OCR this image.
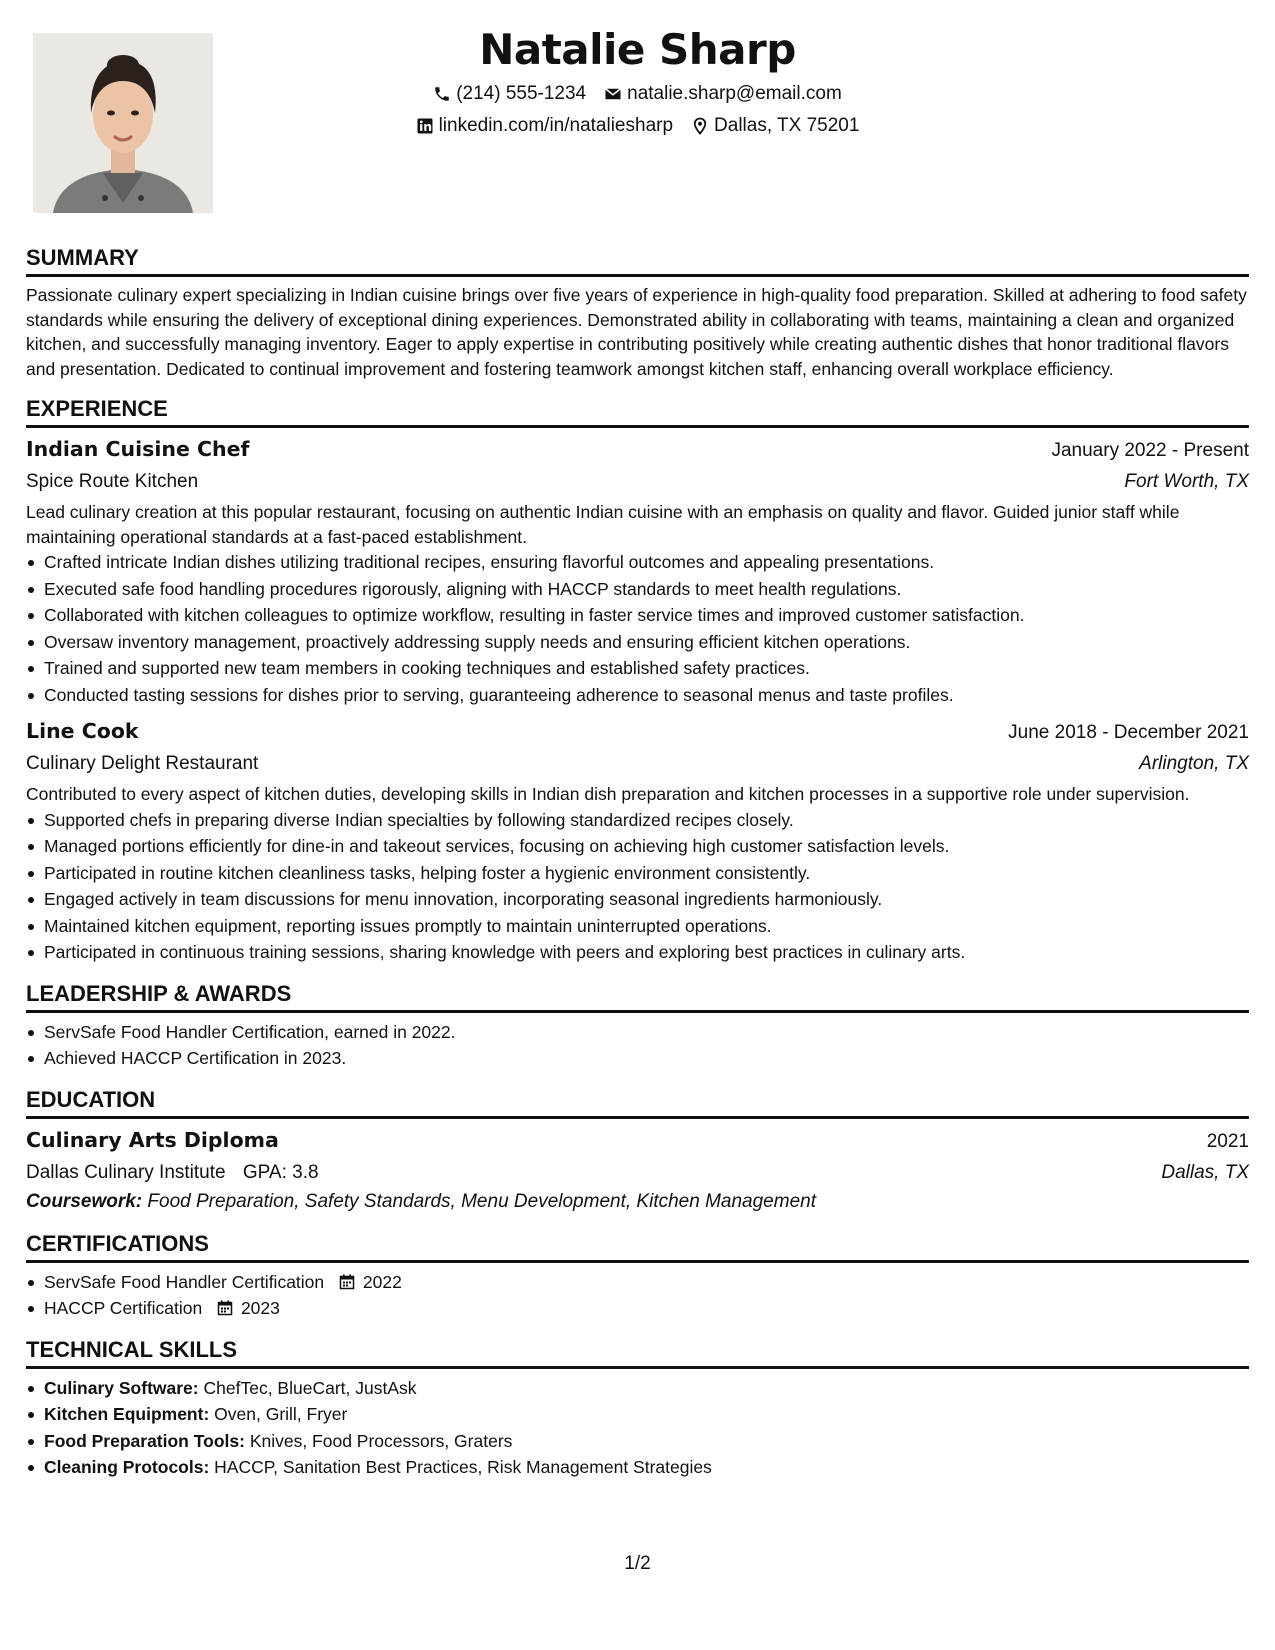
Natalie Sharp
(214) 555-1234 natalie.sharp@email.com
linkedin.com/in/nataliesharp Dallas, TX 75201
SUMMARY

Passionate culinary expert specializing in Indian cuisine brings over five years of experience in high-quality food preparation. Skilled at adhering to food safety standards while ensuring the delivery of exceptional dining experiences. Demonstrated ability in collaborating with teams, maintaining a clean and organized kitchen, and successfully managing inventory. Eager to apply expertise in contributing positively while creating authentic dishes that honor traditional flavors and presentation. Dedicated to continual improvement and fostering teamwork amongst kitchen staff, enhancing overall workplace efficiency.

EXPERIENCE
Indian Cuisine Chef	January 2022 - Present
Spice Route Kitchen	Fort Worth, TX

Lead culinary creation at this popular restaurant, focusing on authentic Indian cuisine with an emphasis on quality and flavor. Guided junior staff while maintaining operational standards at a fast-paced establishment.

Crafted intricate Indian dishes utilizing traditional recipes, ensuring flavorful outcomes and appealing presentations.
Executed safe food handling procedures rigorously, aligning with HACCP standards to meet health regulations.
Collaborated with kitchen colleagues to optimize workflow, resulting in faster service times and improved customer satisfaction.
Oversaw inventory management, proactively addressing supply needs and ensuring efficient kitchen operations.
Trained and supported new team members in cooking techniques and established safety practices.
Conducted tasting sessions for dishes prior to serving, guaranteeing adherence to seasonal menus and taste profiles.
Line Cook	June 2018 - December 2021
Culinary Delight Restaurant	Arlington, TX

Contributed to every aspect of kitchen duties, developing skills in Indian dish preparation and kitchen processes in a supportive role under supervision.

Supported chefs in preparing diverse Indian specialties by following standardized recipes closely.
Managed portions efficiently for dine-in and takeout services, focusing on achieving high customer satisfaction levels.
Participated in routine kitchen cleanliness tasks, helping foster a hygienic environment consistently.
Engaged actively in team discussions for menu innovation, incorporating seasonal ingredients harmoniously.
Maintained kitchen equipment, reporting issues promptly to maintain uninterrupted operations.
Participated in continuous training sessions, sharing knowledge with peers and exploring best practices in culinary arts.
LEADERSHIP & AWARDS
ServSafe Food Handler Certification, earned in 2022.
Achieved HACCP Certification in 2023.
EDUCATION
Culinary Arts Diploma	2021
Dallas Culinary Institute GPA: 3.8	Dallas, TX
Coursework: Food Preparation, Safety Standards, Menu Development, Kitchen Management
CERTIFICATIONS
ServSafe Food Handler Certification 2022
HACCP Certification 2023
TECHNICAL SKILLS
Culinary Software: ChefTec, BlueCart, JustAsk
Kitchen Equipment: Oven, Grill, Fryer
Food Preparation Tools: Knives, Food Processors, Graters
Cleaning Protocols: HACCP, Sanitation Best Practices, Risk Management Strategies
1/2
